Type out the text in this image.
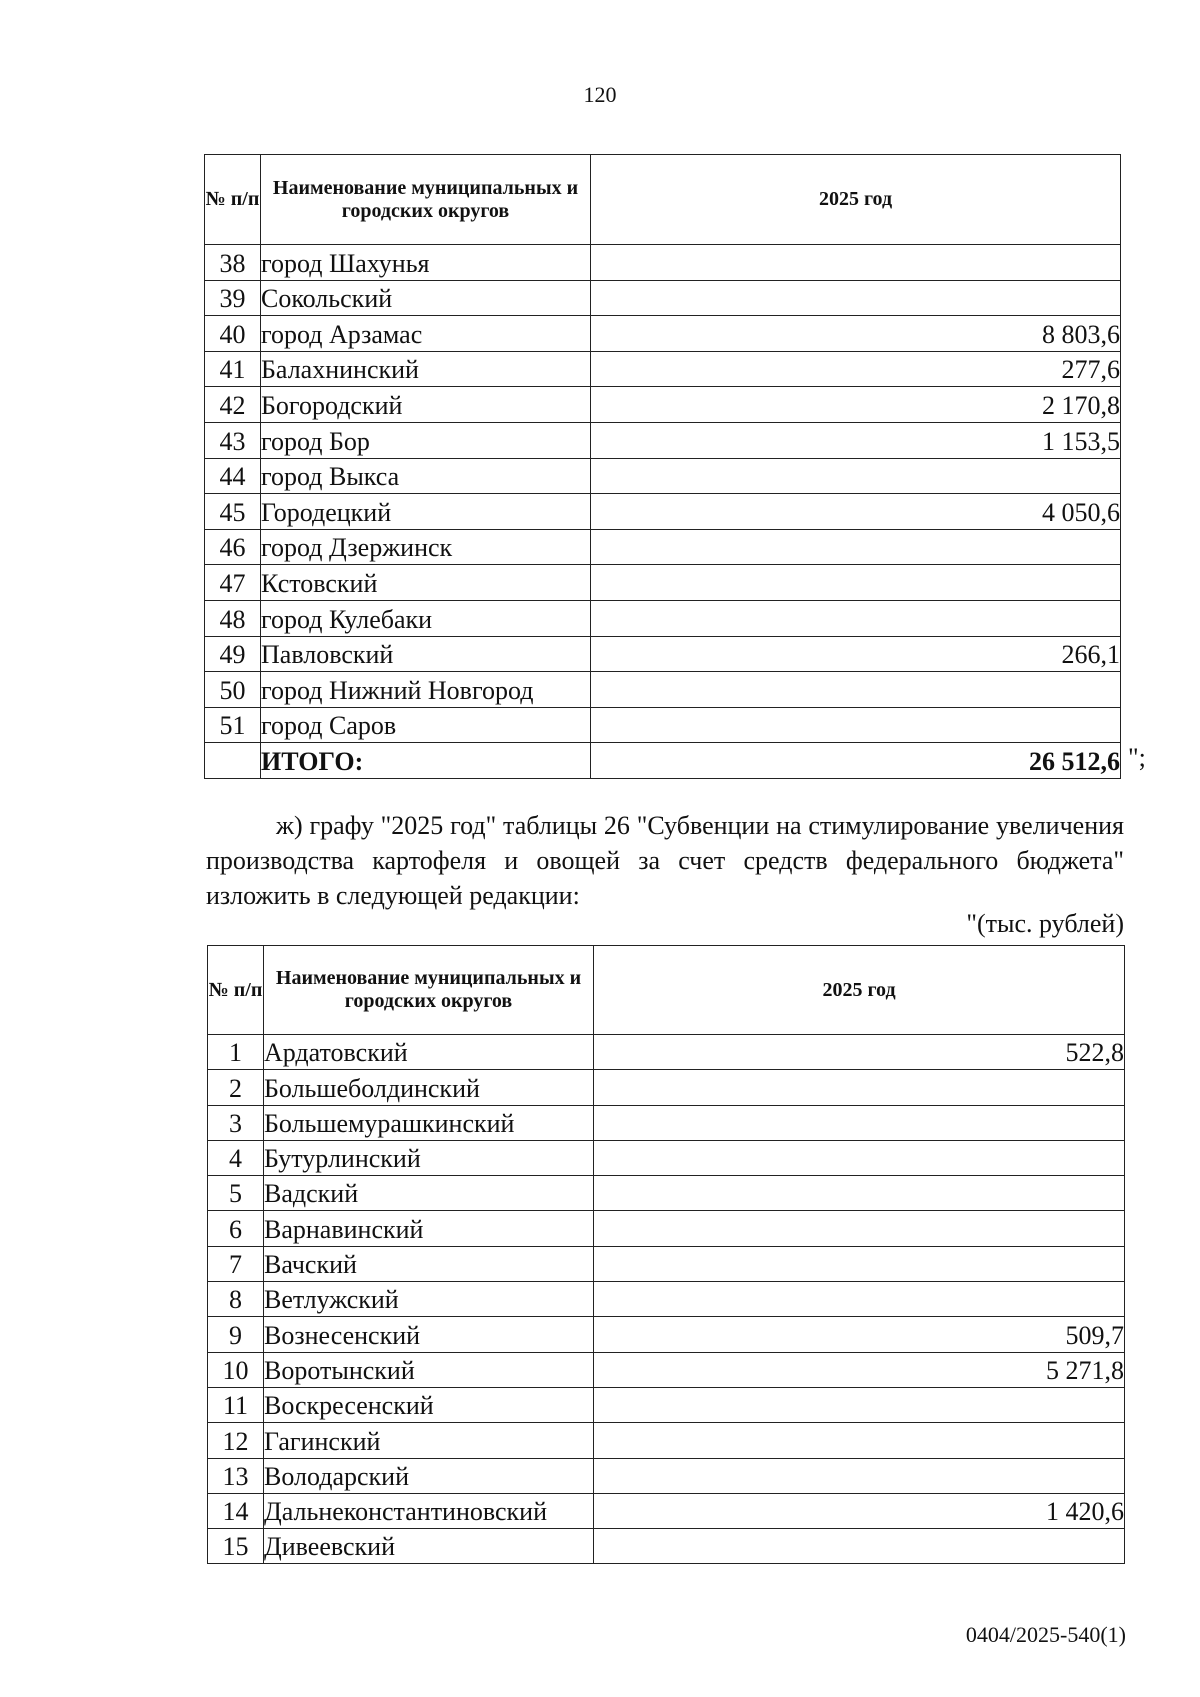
120
№ п/п	Наименование муниципальных и городских округов	2025 год
38	город Шахунья	
39	Сокольский	
40	город Арзамас	8 803,6
41	Балахнинский	277,6
42	Богородский	2 170,8
43	город Бор	1 153,5
44	город Выкса	
45	Городецкий	4 050,6
46	город Дзержинск	
47	Кстовский	
48	город Кулебаки	
49	Павловский	266,1
50	город Нижний Новгород	
51	город Саров	
	ИТОГО:	26 512,6 ";
ж) графу "2025 год" таблицы 26 "Субвенции на стимулирование увеличения производства картофеля и овощей за счет средств федерального бюджета" изложить в следующей редакции:
"(тыс. рублей)
№ п/п	Наименование муниципальных и городских округов	2025 год
1	Ардатовский	522,8
2	Большеболдинский	
3	Большемурашкинский	
4	Бутурлинский	
5	Вадский	
6	Варнавинский	
7	Вачский	
8	Ветлужский	
9	Вознесенский	509,7
10	Воротынский	5 271,8
11	Воскресенский	
12	Гагинский	
13	Володарский	
14	Дальнеконстантиновский	1 420,6
15	Дивеевский	
0404/2025-540(1)
